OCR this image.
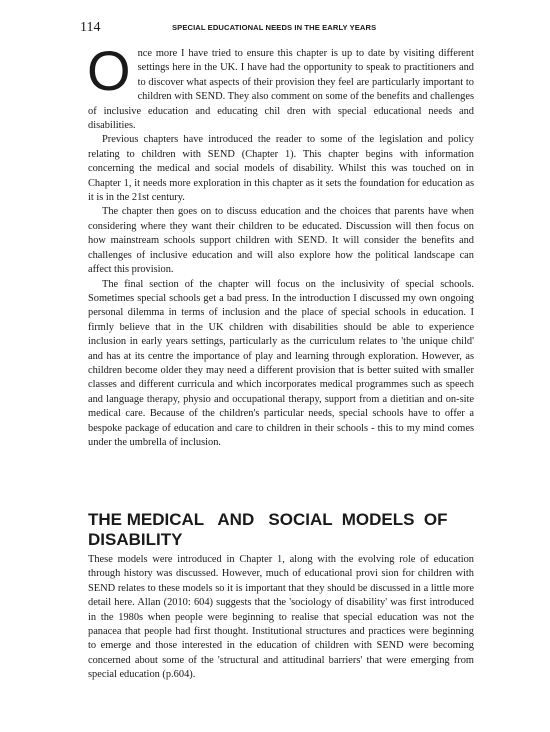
114	SPECIAL EDUCATIONAL NEEDS IN THE EARLY YEARS

Once more I have tried to ensure this chapter is up to date by visiting different settings here in the UK. I have had the opportunity to speak to practitioners and to discover what aspects of their provision they feel are particularly important to children with SEND. They also comment on some of the benefits and challenges of inclusive education and educating chil dren with special educational needs and disabilities.

Previous chapters have introduced the reader to some of the legislation and policy relating to children with SEND (Chapter 1). This chapter begins with information concerning the medical and social models of disability. Whilst this was touched on in Chapter 1, it needs more exploration in this chapter as it sets the foundation for education as it is in the 21st century.

The chapter then goes on to discuss education and the choices that parents have when considering where they want their children to be educated. Discussion will then focus on how mainstream schools support children with SEND. It will consider the benefits and challenges of inclusive education and will also explore how the political landscape can affect this provision.

The final section of the chapter will focus on the inclusivity of special schools. Sometimes special schools get a bad press. In the introduction I discussed my own ongoing personal dilemma in terms of inclusion and the place of special schools in education. I firmly believe that in the UK children with disabilities should be able to experience inclusion in early years settings, particularly as the curriculum relates to 'the unique child' and has at its centre the importance of play and learning through exploration. However, as children become older they may need a different provision that is better suited with smaller classes and different curricula and which incorporates medical programmes such as speech and language therapy, physio and occupational therapy, support from a dietitian and on-site medical care. Because of the children's particular needs, special schools have to offer a bespoke package of education and care to children in their schools - this to my mind comes under the umbrella of inclusion.

THE MEDICAL   AND   SOCIAL  MODELS  OF
DISABILITY

These models were introduced in Chapter 1, along with the evolving role of education through history was discussed. However, much of educational provi sion for children with SEND relates to these models so it is important that they should be discussed in a little more detail here. Allan (2010: 604) suggests that the 'sociology of disability' was first introduced in the 1980s when people were beginning to realise that special education was not the panacea that people had first thought. Institutional structures and practices were beginning to emerge and those interested in the education of children with SEND were becoming concerned about some of the 'structural and attitudinal barriers' that were emerging from special education (p.604).
